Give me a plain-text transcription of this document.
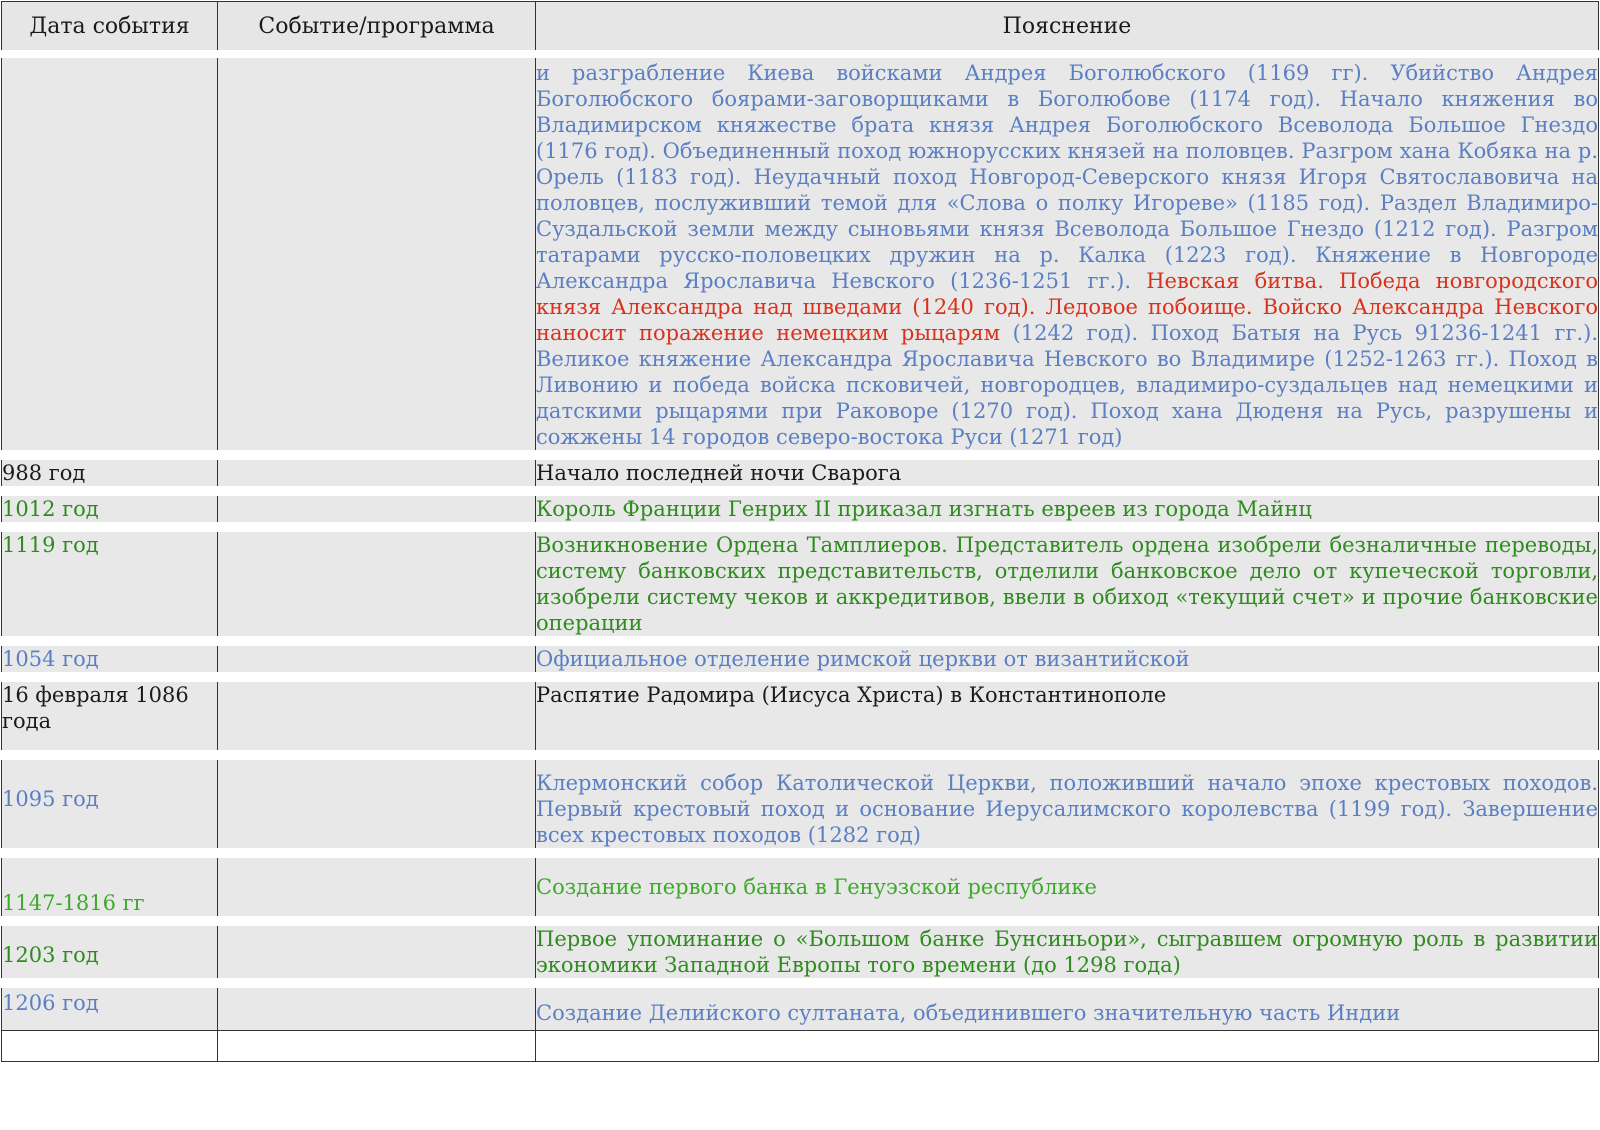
Дата события	Событие/программа	Пояснение
		и разграбление Киева войсками Андрея Боголюбского (1169 гг). Убийство Андрея Боголюбского боярами-заговорщиками в Боголюбове (1174 год). Начало княжения во Владимирском княжестве брата князя Андрея Боголюбского Всеволода Большое Гнездо (1176 год). Объединенный поход южнорусских князей на половцев. Разгром хана Кобяка на р. Орель (1183 год). Неудачный поход Новгород-Северского князя Игоря Святославовича на половцев, послуживший темой для «Слова о полку Игореве» (1185 год). Раздел Владимиро-Суздальской земли между сыновьями князя Всеволода Большое Гнездо (1212 год). Разгром татарами русско-половецких дружин на р. Калка (1223 год). Княжение в Новгороде Александра Ярославича Невского (1236-1251 гг.). Невская битва. Победа новгородского князя Александра над шведами (1240 год). Ледовое побоище. Войско Александра Невского наносит поражение немецким рыцарям (1242 год). Поход Батыя на Русь 91236-1241 гг.). Великое княжение Александра Ярославича Невского во Владимире (1252-1263 гг.). Поход в Ливонию и победа войска псковичей, новгородцев, владимиро-суздальцев над немецкими и датскими рыцарями при Раковоре (1270 год). Поход хана Дюденя на Русь, разрушены и сожжены 14 городов северо-востока Руси (1271 год)
988 год		Начало последней ночи Сварога
1012 год		Король Франции Генрих II приказал изгнать евреев из города Майнц
1119 год		Возникновение Ордена Тамплиеров. Представитель ордена изобрели безналичные переводы, систему банковских представительств, отделили банковское дело от купеческой торговли, изобрели систему чеков и аккредитивов, ввели в обиход «текущий счет» и прочие банковские операции
1054 год		Официальное отделение римской церкви от византийской
16 февраля 1086 года		Распятие Радомира (Иисуса Христа) в Константинополе
1095 год		Клермонский собор Католической Церкви, положивший начало эпохе крестовых походов. Первый крестовый поход и основание Иерусалимского королевства (1199 год). Завершение всех крестовых походов (1282 год)
1147-1816 гг		Создание первого банка в Генуэзской республике
1203 год		Первое упоминание о «Большом банке Бунсиньори», сыгравшем огромную роль в развитии экономики Западной Европы того времени (до 1298 года)
1206 год		Создание Делийского султаната, объединившего значительную часть Индии
